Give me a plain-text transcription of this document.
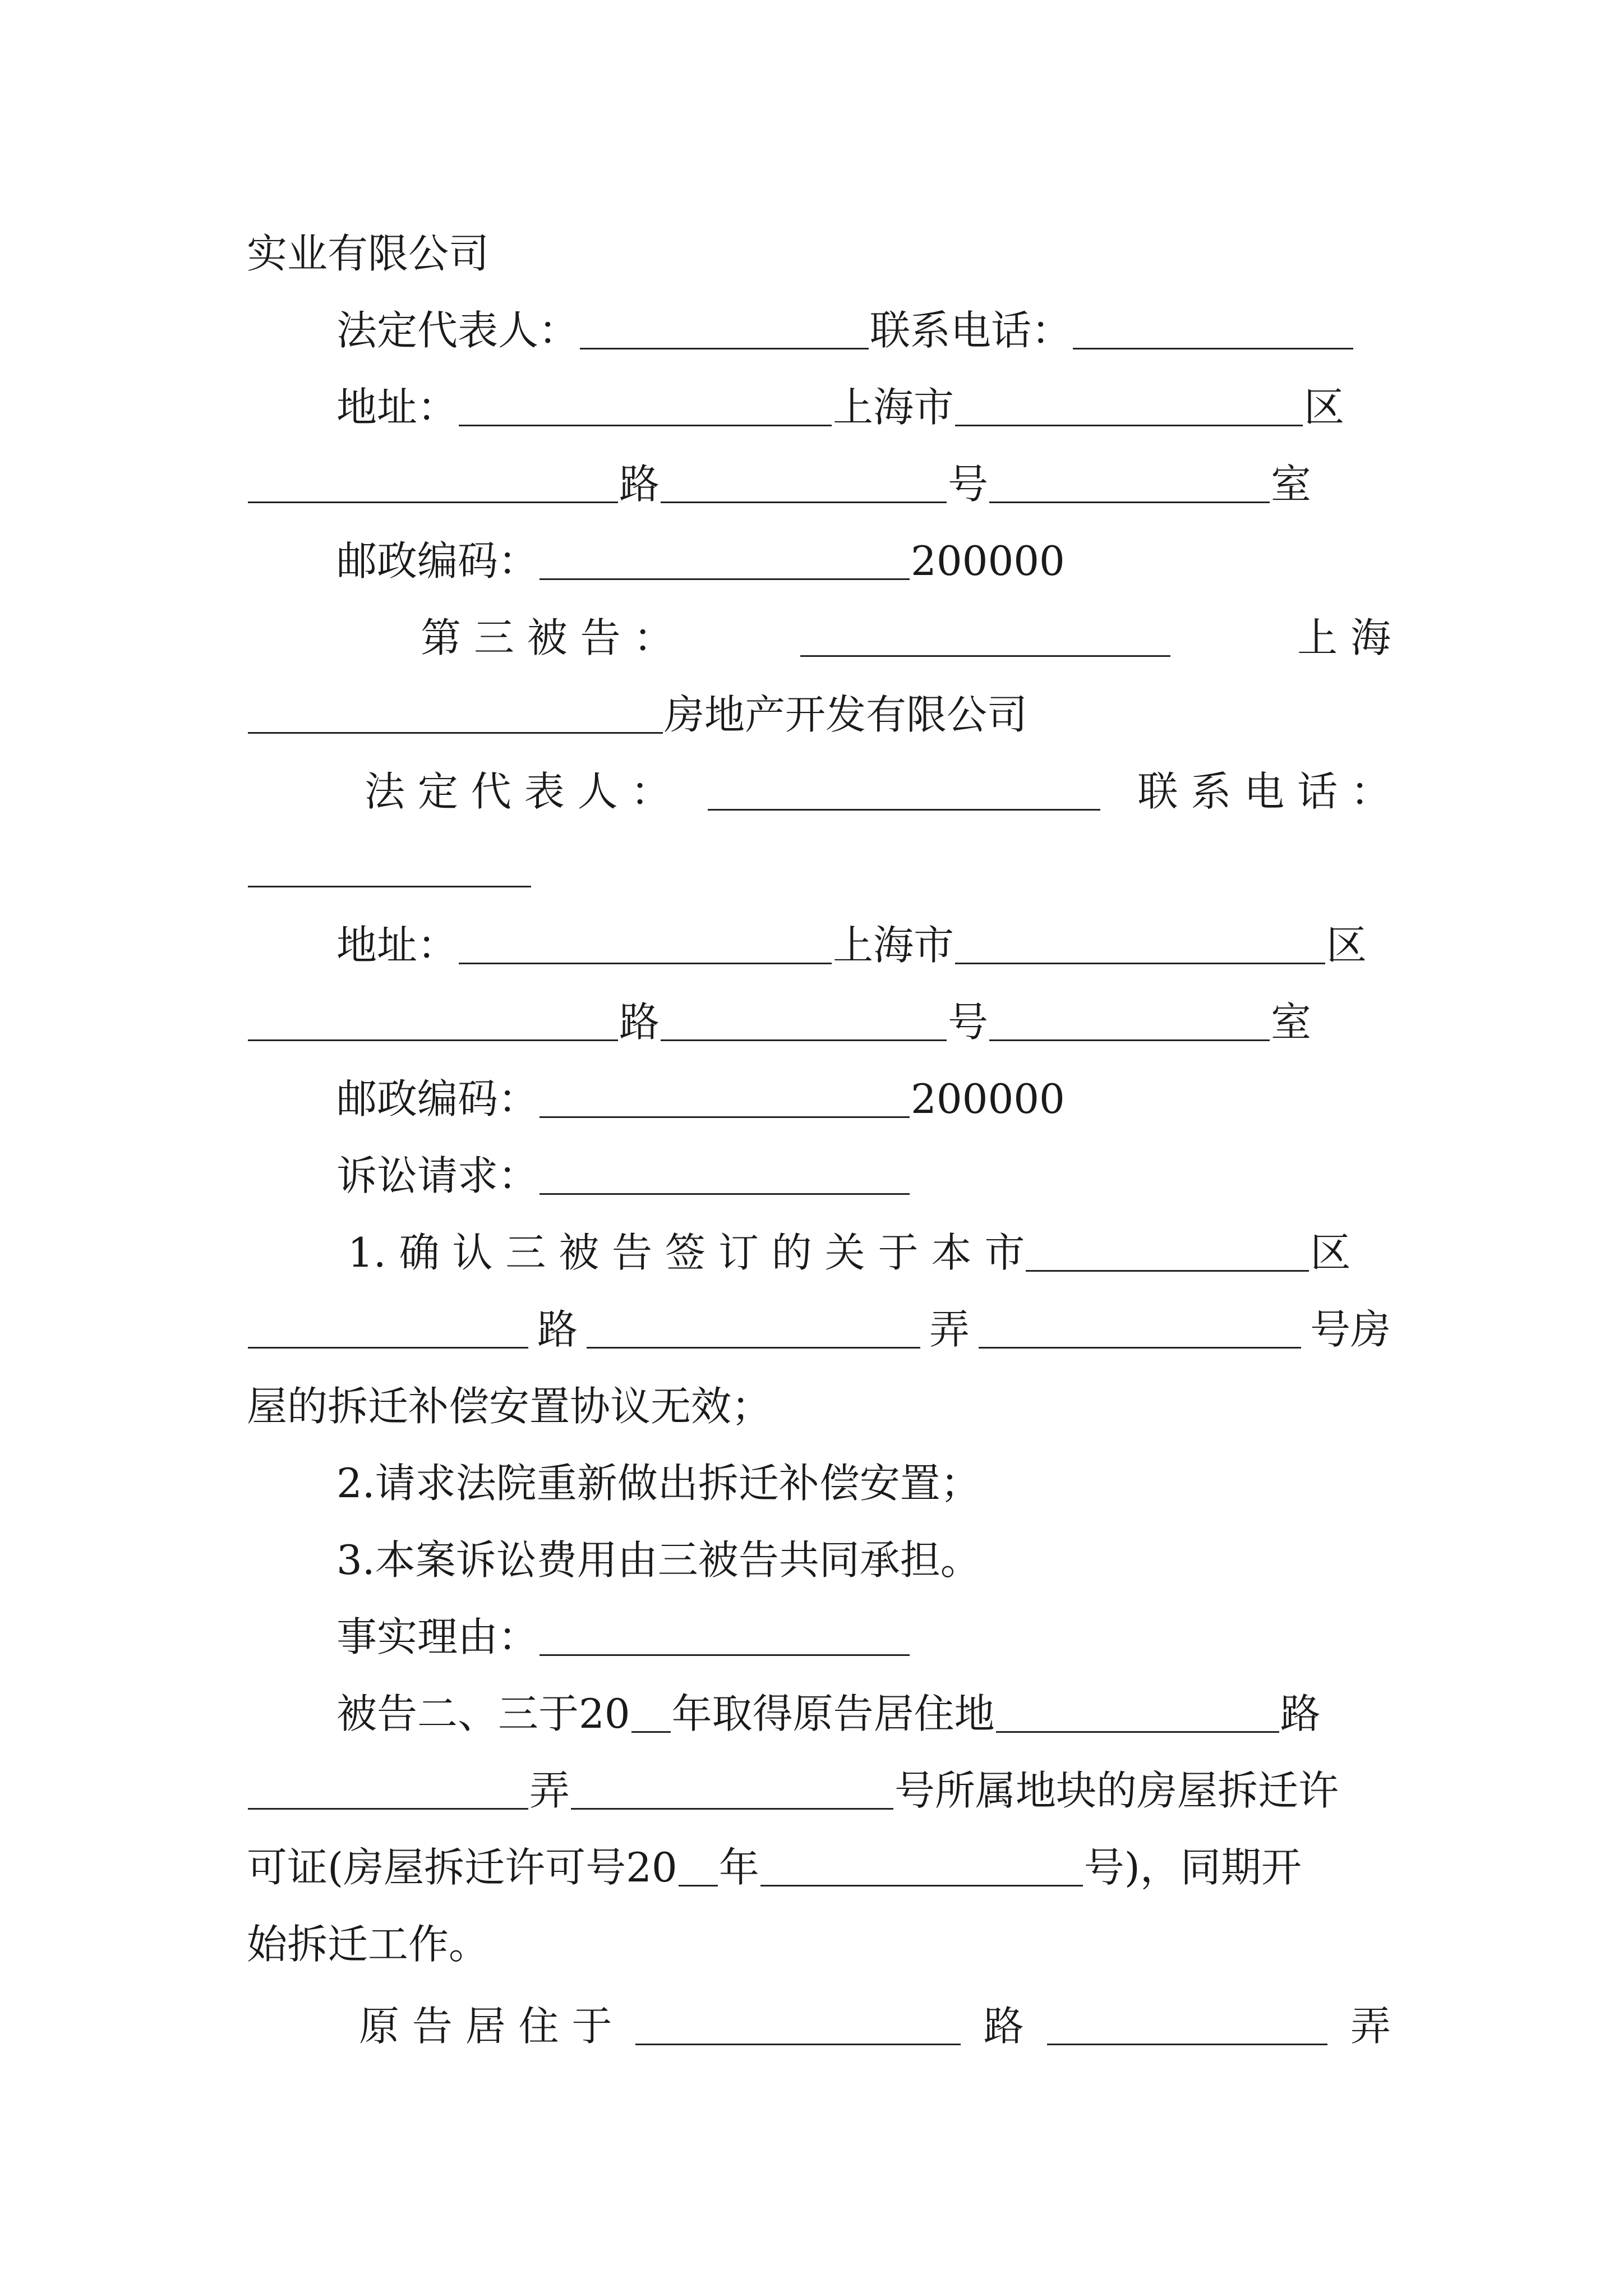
实业有限公司
法定代表人：	联系电话：
地址：	上海市	区
路	号	室
邮政编码：	200000
第 三 被 告 ：	上 海
房地产开发有限公司
法 定 代 表 人 ：	联 系 电 话 ：
地址：	上海市	区
路	号	室
邮政编码：	200000
诉讼请求：
1. 确 认 三 被 告 签 订 的 关 于 本 市	区
路	弄	号房
屋的拆迁补偿安置协议无效；
2.请求法院重新做出拆迁补偿安置；
3.本案诉讼费用由三被告共同承担。
事实理由：
被告二、三于20 年取得原告居住地	路
弄	号所属地块的房屋拆迁许
可证(房屋拆迁许可号20 年	号)，同期开
始拆迁工作。
原 告 居 住 于	路	弄
